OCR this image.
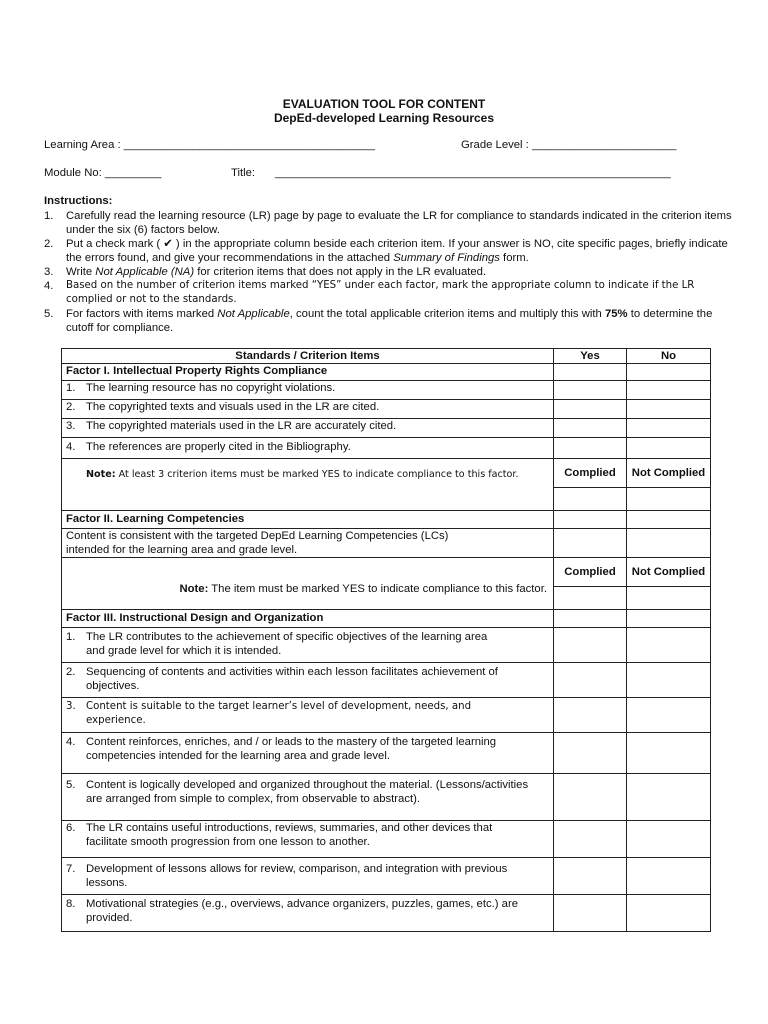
EVALUATION TOOL FOR CONTENT
DepEd-developed Learning Resources
Learning Area : ________________________________________	Grade Level : _______________________
Module No: _________	Title: _______________________________________________________________
Instructions:
1. Carefully read the learning resource (LR) page by page to evaluate the LR for compliance to standards indicated in the criterion items under the six (6) factors below.
2. Put a check mark ( ✔ ) in the appropriate column beside each criterion item. If your answer is NO, cite specific pages, briefly indicate the errors found, and give your recommendations in the attached Summary of Findings form.
3. Write Not Applicable (NA) for criterion items that does not apply in the LR evaluated.
4. Based on the number of criterion items marked “YES” under each factor, mark the appropriate column to indicate if the LR complied or not to the standards.
5. For factors with items marked Not Applicable, count the total applicable criterion items and multiply this with 75% to determine the cutoff for compliance.
Standards / Criterion Items	Yes	No
Factor I. Intellectual Property Rights Compliance		

1. The learning resource has no copyright violations.		

2. The copyrighted texts and visuals used in the LR are cited.		

3. The copyrighted materials used in the LR are accurately cited.		

4. The references are properly cited in the Bibliography.		

Note: At least 3 criterion items must be marked YES to indicate compliance to this factor.	Complied	Not Complied

Factor II. Learning Competencies		
Content is consistent with the targeted DepEd Learning Competencies (LCs) intended for the learning area and grade level.		
Note: The item must be marked YES to indicate compliance to this factor.	Complied	Not Complied

Factor III. Instructional Design and Organization		

1. The LR contributes to the achievement of specific objectives of the learning area and grade level for which it is intended.		

2. Sequencing of contents and activities within each lesson facilitates achievement of objectives.		

3. Content is suitable to the target learner’s level of development, needs, and experience.		

4. Content reinforces, enriches, and / or leads to the mastery of the targeted learning competencies intended for the learning area and grade level.		

5. Content is logically developed and organized throughout the material. (Lessons/activities are arranged from simple to complex, from observable to abstract).		

6. The LR contains useful introductions, reviews, summaries, and other devices that facilitate smooth progression from one lesson to another.		

7. Development of lessons allows for review, comparison, and integration with previous lessons.		

8. Motivational strategies (e.g., overviews, advance organizers, puzzles, games, etc.) are provided.		
